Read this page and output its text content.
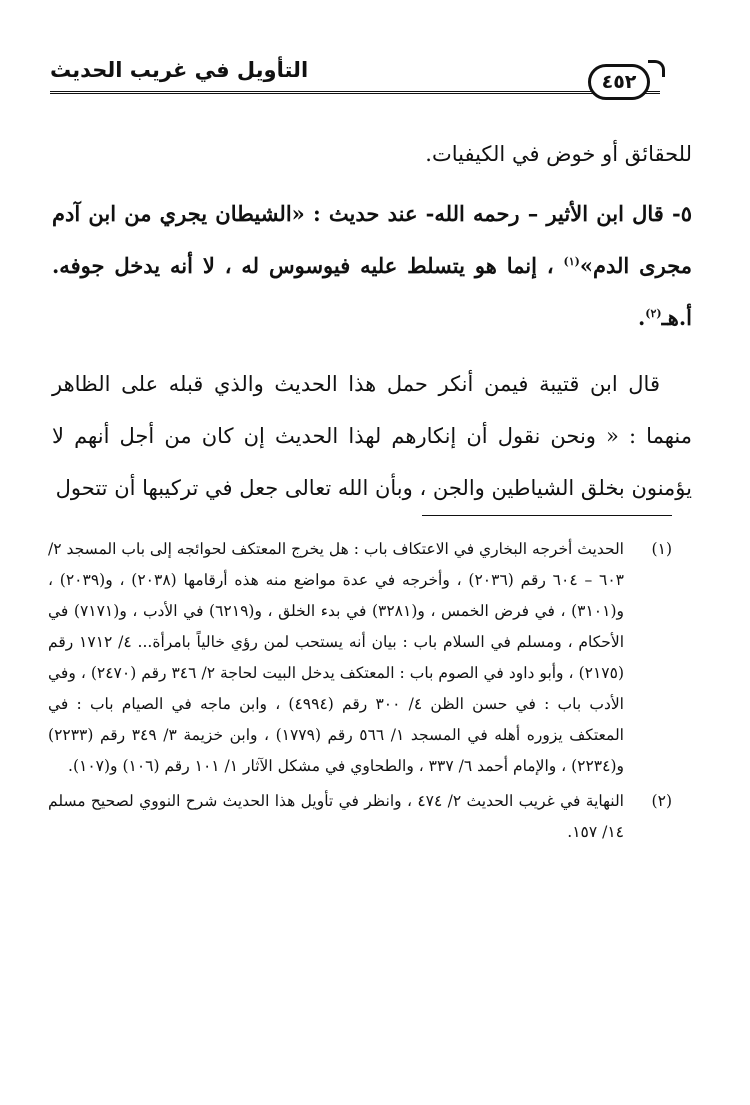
التأويل في غريب الحديث	٤٥٢

للحقائق أو خوض في الكيفيات.

٥- قال ابن الأثير – رحمه الله- عند حديث : «الشيطان يجري من ابن آدم مجرى الدم»$^{(١)}$ ، إنما هو يتسلط عليه فيوسوس له ، لا أنه يدخل جوفه. أ.هـ$^{(٢)}$.

قال ابن قتيبة فيمن أنكر حمل هذا الحديث والذي قبله على الظاهر منهما : « ونحن نقول أن إنكارهم لهذا الحديث إن كان من أجل أنهم لا يؤمنون بخلق الشياطين والجن ، وبأن الله تعالى جعل في تركيبها أن تتحول

(١)
الحديث أخرجه البخاري في الاعتكاف باب : هل يخرج المعتكف لحوائجه إلى باب المسجد ٢/ ٦٠٣ – ٦٠٤ رقم (٢٠٣٦) ، وأخرجه في عدة مواضع منه هذه أرقامها (٢٠٣٨) ، و(٢٠٣٩) ، و(٣١٠١) ، في فرض الخمس ، و(٣٢٨١) في بدء الخلق ، و(٦٢١٩) في الأدب ، و(٧١٧١) في الأحكام ، ومسلم في السلام باب : بيان أنه يستحب لمن رؤي خالياً بامرأة... ٤/ ١٧١٢ رقم (٢١٧٥) ، وأبو داود في الصوم باب : المعتكف يدخل البيت لحاجة ٢/ ٣٤٦ رقم (٢٤٧٠) ، وفي الأدب باب : في حسن الظن ٤/ ٣٠٠ رقم (٤٩٩٤) ، وابن ماجه في الصيام باب : في المعتكف يزوره أهله في المسجد ١/ ٥٦٦ رقم (١٧٧٩) ، وابن خزيمة ٣/ ٣٤٩ رقم (٢٢٣٣) و(٢٢٣٤) ، والإمام أحمد ٦/ ٣٣٧ ، والطحاوي في مشكل الآثار ١/ ١٠١ رقم (١٠٦) و(١٠٧).
(٢)
النهاية في غريب الحديث ٢/ ٤٧٤ ، وانظر في تأويل هذا الحديث شرح النووي لصحيح مسلم ١٤/ ١٥٧.
